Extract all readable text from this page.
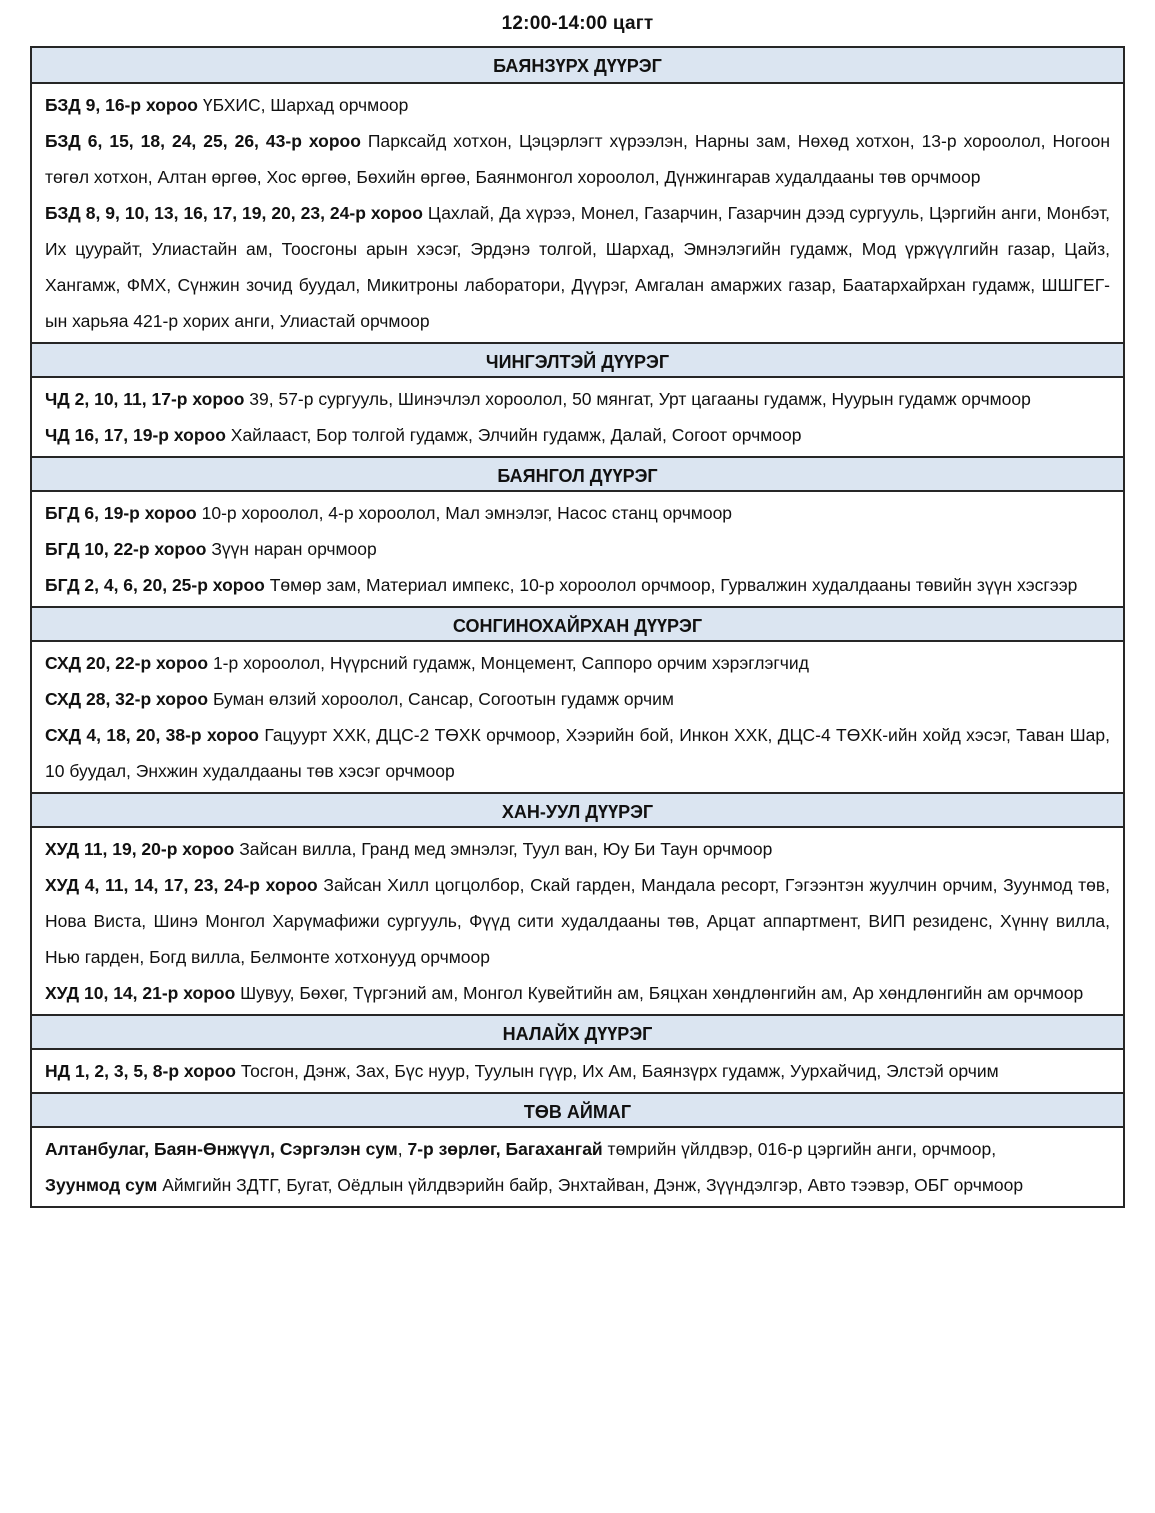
12:00-14:00 цагт
БАЯНЗҮРХ ДҮҮРЭГ

БЗД 9, 16-р хороо ҮБХИС, Шархад орчмоор

БЗД 6, 15, 18, 24, 25, 26, 43-р хороо Парксайд хотхон, Цэцэрлэгт хүрээлэн, Нарны зам, Нөхөд хотхон, 13-р хороолол, Ногоон төгөл хотхон, Алтан өргөө, Хос өргөө, Бөхийн өргөө, Баянмонгол хороолол, Дүнжингарав худалдааны төв орчмоор

БЗД 8, 9, 10, 13, 16, 17, 19, 20, 23, 24-р хороо Цахлай, Да хүрээ, Монел, Газарчин, Газарчин дээд сургууль, Цэргийн анги, Монбэт, Их цуурайт, Улиастайн ам, Тоосгоны арын хэсэг, Эрдэнэ толгой, Шархад, Эмнэлэгийн гудамж, Мод үржүүлгийн газар, Цайз, Хангамж, ФМХ, Сүнжин зочид буудал, Микитроны лаборатори, Дүүрэг, Амгалан амаржих газар, Баатархайрхан гудамж, ШШГЕГ-ын харьяа 421-р хорих анги, Улиастай орчмоор

ЧИНГЭЛТЭЙ ДҮҮРЭГ

ЧД 2, 10, 11, 17-р хороо 39, 57-р сургууль, Шинэчлэл хороолол, 50 мянгат, Урт цагааны гудамж, Нуурын гудамж орчмоор

ЧД 16, 17, 19-р хороо Хайлааст, Бор толгой гудамж, Элчийн гудамж, Далай, Согоот орчмоор

БАЯНГОЛ ДҮҮРЭГ

БГД 6, 19-р хороо 10-р хороолол, 4-р хороолол, Мал эмнэлэг, Насос станц орчмоор

БГД 10, 22-р хороо Зүүн наран орчмоор

БГД 2, 4, 6, 20, 25-р хороо Төмөр зам, Материал импекс, 10-р хороолол орчмоор, Гурвалжин худалдааны төвийн зүүн хэсгээр

СОНГИНОХАЙРХАН ДҮҮРЭГ

СХД 20, 22-р хороо 1-р хороолол, Нүүрсний гудамж, Монцемент, Саппоро орчим хэрэглэгчид

СХД 28, 32-р хороо Буман өлзий хороолол, Сансар, Согоотын гудамж орчим

СХД 4, 18, 20, 38-р хороо Гацуурт ХХК, ДЦС-2 ТӨХК орчмоор, Хээрийн бой, Инкон ХХК, ДЦС-4 ТӨХК-ийн хойд хэсэг, Таван Шар, 10 буудал, Энхжин худалдааны төв хэсэг орчмоор

ХАН-УУЛ ДҮҮРЭГ

ХУД 11, 19, 20-р хороо Зайсан вилла, Гранд мед эмнэлэг, Туул ван, Юу Би Таун орчмоор

ХУД 4, 11, 14, 17, 23, 24-р хороо Зайсан Хилл цогцолбор, Скай гарден, Мандала ресорт, Гэгээнтэн жуулчин орчим, Зуунмод төв, Нова Виста, Шинэ Монгол Харүмафижи сургууль, Фүүд сити худалдааны төв, Арцат аппартмент, ВИП резиденс, Хүннү вилла, Нью гарден, Богд вилла, Белмонте хотхонууд орчмоор

ХУД 10, 14, 21-р хороо Шувуу, Бөхөг, Түргэний ам, Монгол Кувейтийн ам, Бяцхан хөндлөнгийн ам, Ар хөндлөнгийн ам орчмоор

НАЛАЙХ ДҮҮРЭГ

НД 1, 2, 3, 5, 8-р хороо Тосгон, Дэнж, Зах, Бүс нуур, Туулын гүүр, Их Ам, Баянзүрх гудамж, Уурхайчид, Элстэй орчим

ТӨВ АЙМАГ

Алтанбулаг, Баян-Өнжүүл, Сэргэлэн сум, 7-р зөрлөг, Багахангай төмрийн үйлдвэр, 016-р цэргийн анги, орчмоор,

Зуунмод сум Аймгийн ЗДТГ, Бугат, Оёдлын үйлдвэрийн байр, Энхтайван, Дэнж, Зүүндэлгэр, Авто тээвэр, ОБГ орчмоор
